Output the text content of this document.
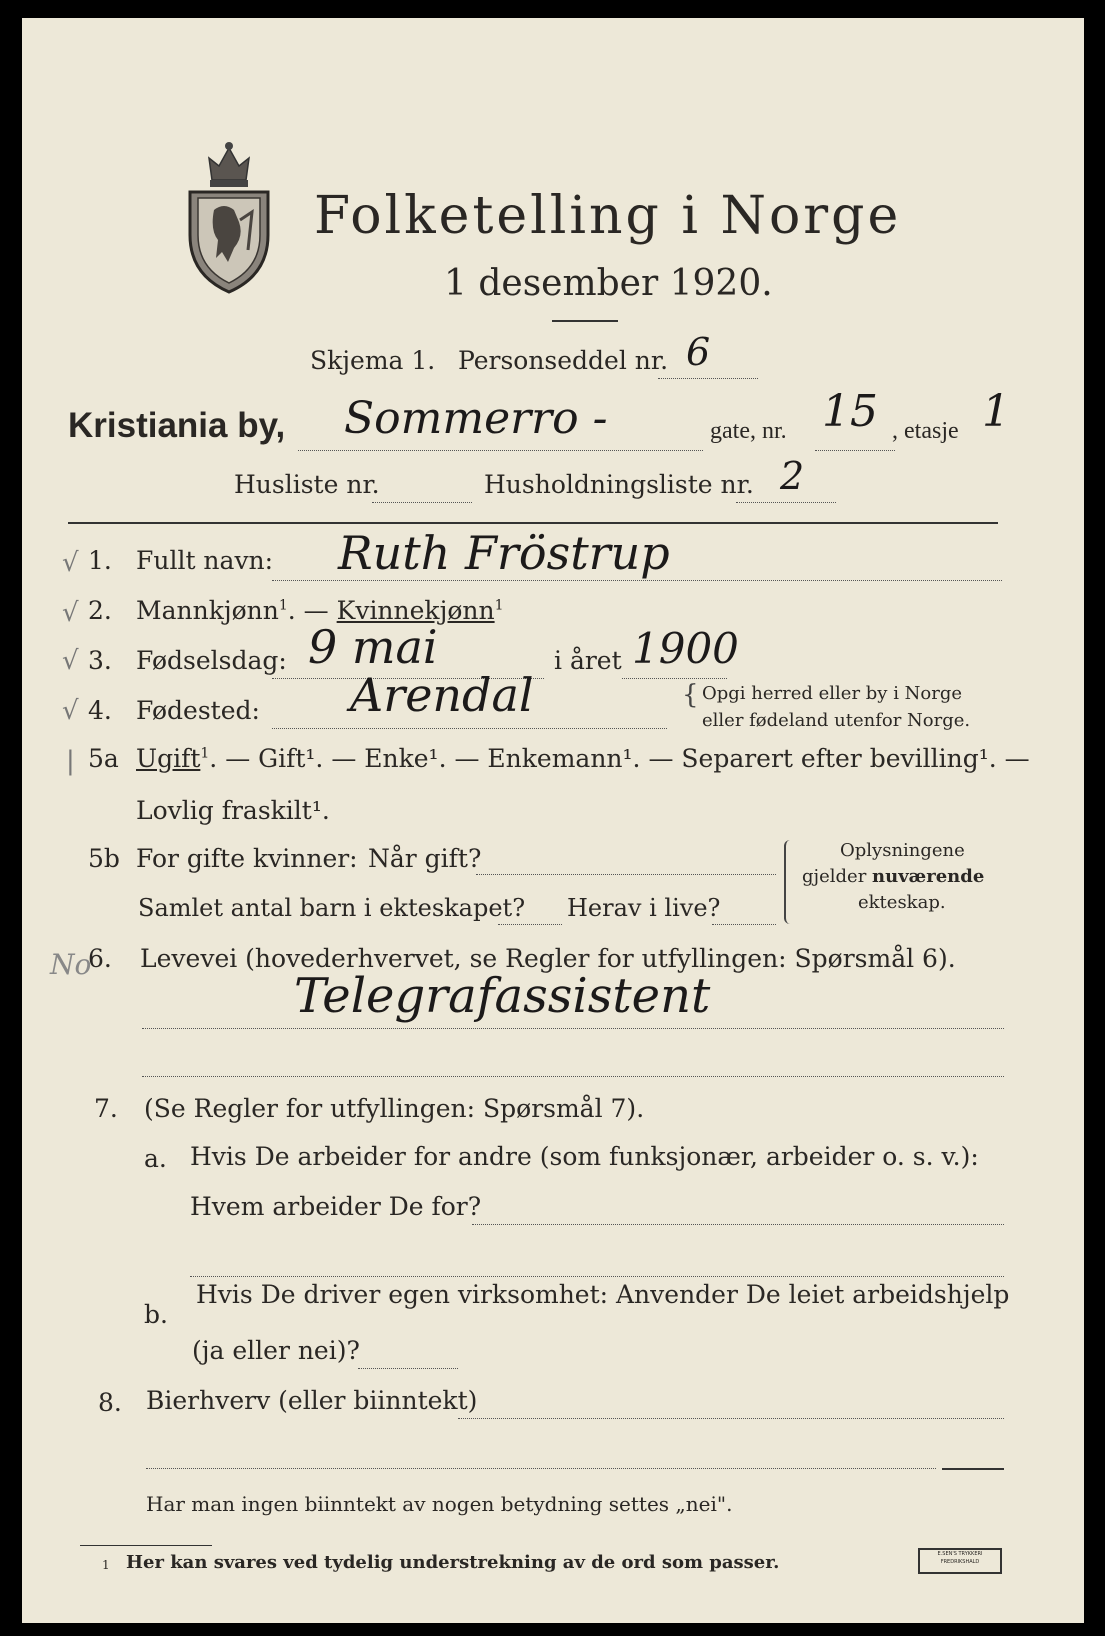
Folketelling i Norge
1 desember 1920.
Skjema 1. Personseddel nr. 6
Kristiania by, Sommerro -	gate, nr. 15 , etasje 1
Husliste nr.	Husholdningsliste nr. 2
√ 1. Fullt navn: Ruth Fröstrup
√ 2. Mannkjønn$^1$. — Kvinnekjønn$^1$
√ 3. Fødselsdag: 9 mai	i året 1900
√ 4. Fødested: Arendal	{ Opgi herred eller by i Norge
eller fødeland utenfor Norge.
| 5a Ugift$^1$. — Gift¹. — Enke¹. — Enkemann¹. — Separert efter bevilling¹. —
Lovlig fraskilt¹.
5b For gifte kvinner: Når gift?
Samlet antal barn i ekteskapet? Herav i live?
Oplysningene
gjelder nuværende
ekteskap.
No
6. Levevei (hovederhvervet, se Regler for utfyllingen: Spørsmål 6).
Telegrafassistent
7. (Se Regler for utfyllingen: Spørsmål 7).
a. Hvis De arbeider for andre (som funksjonær, arbeider o. s. v.):
Hvem arbeider De for?
b.
Hvis De driver egen virksomhet: Anvender De leiet arbeidshjelp
(ja eller nei)?
8. Bierhverv (eller biinntekt)
Har man ingen biinntekt av nogen betydning settes „nei".
1 Her kan svares ved tydelig understrekning av de ord som passer.	E.SEN'S TRYKKERI FREDRIKSHALD
